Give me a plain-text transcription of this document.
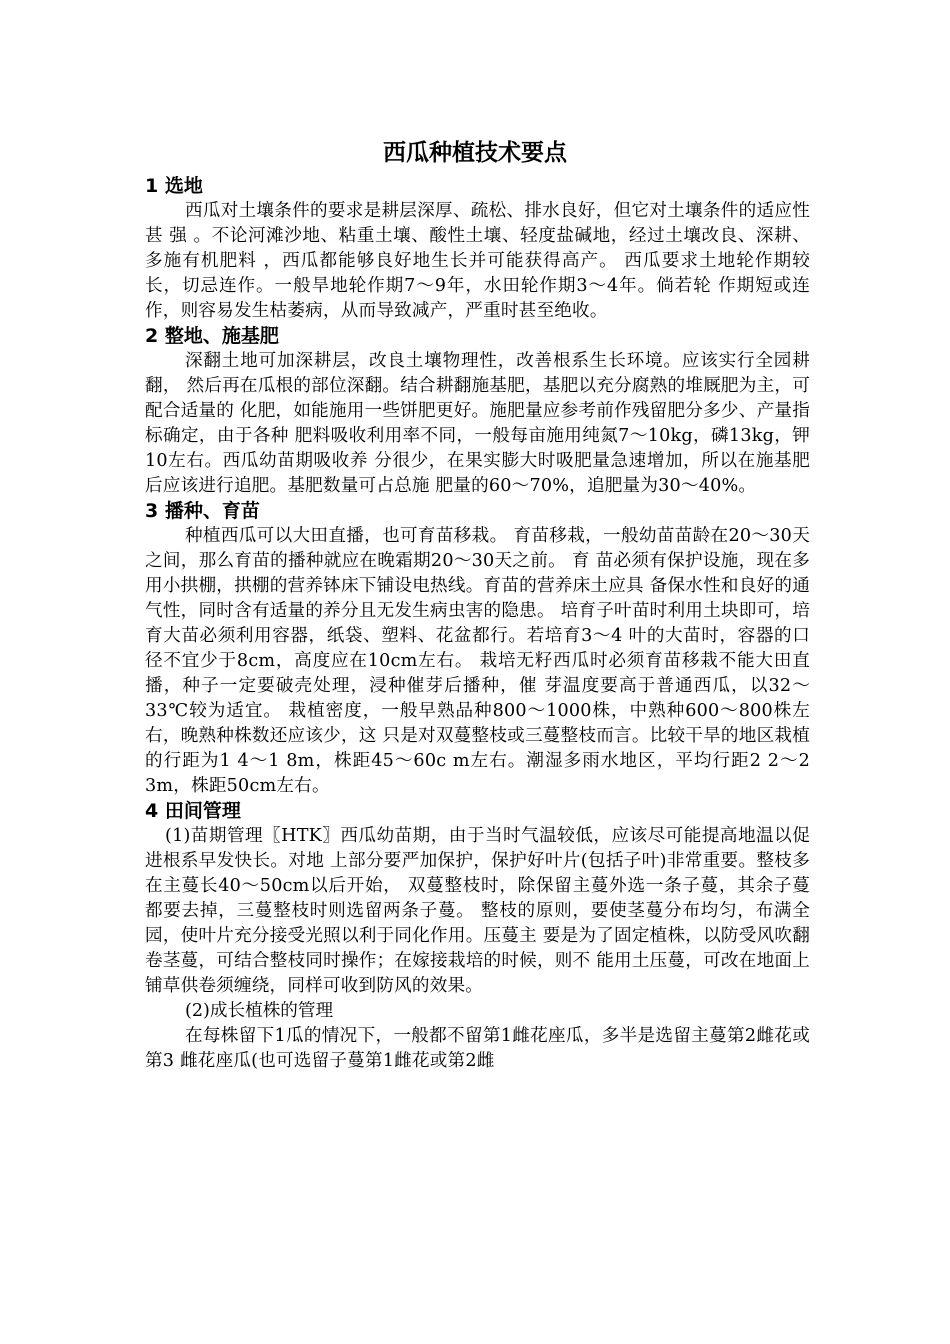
西瓜种植技术要点

1 选地

西瓜对土壤条件的要求是耕层深厚、疏松、排水良好，但它对土壤条件的适应性甚 强 。不论河滩沙地、粘重土壤、酸性土壤、轻度盐碱地，经过土壤改良、深耕、多施有机肥料 ，西瓜都能够良好地生长并可能获得高产。 西瓜要求土地轮作期较长，切忌连作。一般旱地轮作期7～9年，水田轮作期3～4年。倘若轮 作期短或连作，则容易发生枯萎病，从而导致减产，严重时甚至绝收。

2 整地、施基肥

深翻土地可加深耕层，改良土壤物理性，改善根系生长环境。应该实行全园耕翻， 然后再在瓜根的部位深翻。结合耕翻施基肥，基肥以充分腐熟的堆厩肥为主，可配合适量的 化肥，如能施用一些饼肥更好。施肥量应参考前作残留肥分多少、产量指标确定，由于各种 肥料吸收利用率不同，一般每亩施用纯氮7～10kg，磷13kg，钾10左右。西瓜幼苗期吸收养 分很少，在果实膨大时吸肥量急速增加，所以在施基肥后应该进行追肥。基肥数量可占总施 肥量的60～70%，追肥量为30～40%。

3 播种、育苗

种植西瓜可以大田直播，也可育苗移栽。 育苗移栽，一般幼苗苗龄在20～30天之间，那么育苗的播种就应在晚霜期20～30天之前。 育 苗必须有保护设施，现在多用小拱棚，拱棚的营养钵床下铺设电热线。育苗的营养床土应具 备保水性和良好的通气性，同时含有适量的养分且无发生病虫害的隐患。 培育子叶苗时利用土块即可，培育大苗必须利用容器，纸袋、塑料、花盆都行。若培育3～4 叶的大苗时，容器的口径不宜少于8cm，高度应在10cm左右。 栽培无籽西瓜时必须育苗移栽不能大田直播，种子一定要破壳处理，浸种催芽后播种，催 芽温度要高于普通西瓜，以32～33℃较为适宜。 栽植密度，一般早熟品种800～1000株，中熟种600～800株左右，晚熟种株数还应该少，这 只是对双蔓整枝或三蔓整枝而言。比较干旱的地区栽植的行距为1 4～1 8m，株距45～60c m左右。潮湿多雨水地区，平均行距2 2～2 3m，株距50cm左右。

4 田间管理

(1)苗期管理〖HTK〗西瓜幼苗期，由于当时气温较低，应该尽可能提高地温以促进根系早发快长。对地 上部分要严加保护，保护好叶片(包括子叶)非常重要。整枝多在主蔓长40～50cm以后开始， 双蔓整枝时，除保留主蔓外选一条子蔓，其余子蔓都要去掉，三蔓整枝时则选留两条子蔓。 整枝的原则，要使茎蔓分布均匀，布满全园，使叶片充分接受光照以利于同化作用。压蔓主 要是为了固定植株，以防受风吹翻卷茎蔓，可结合整枝同时操作；在嫁接栽培的时候，则不 能用土压蔓，可改在地面上铺草供卷须缠绕，同样可收到防风的效果。

(2)成长植株的管理

在每株留下1瓜的情况下，一般都不留第1雌花座瓜，多半是选留主蔓第2雌花或第3 雌花座瓜(也可选留子蔓第1雌花或第2雌
